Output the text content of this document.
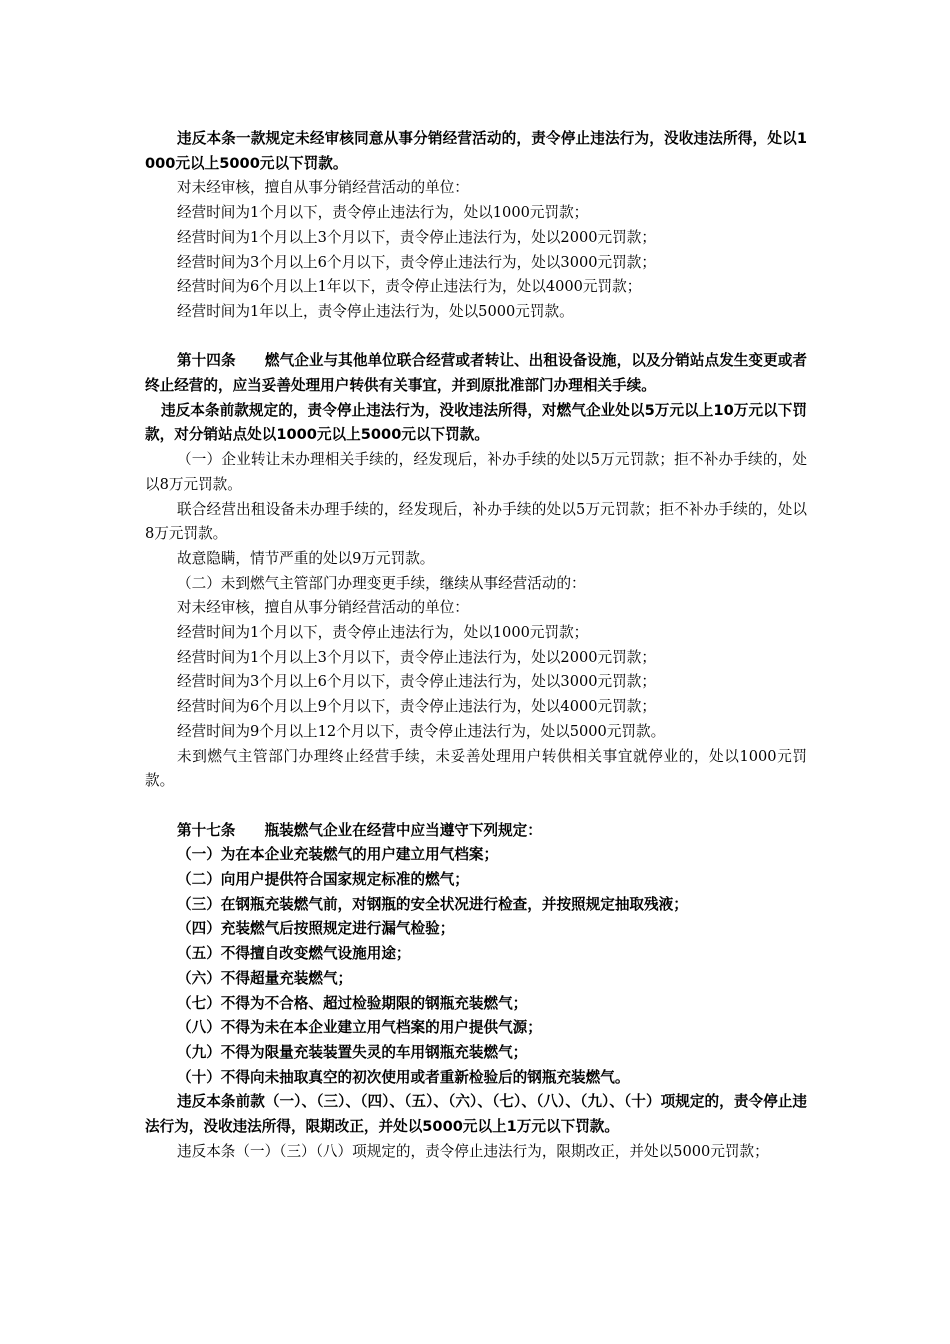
违反本条一款规定未经审核同意从事分销经营活动的，责令停止违法行为，没收违法所得，处以1000元以上5000元以下罚款。

对未经审核，擅自从事分销经营活动的单位：

经营时间为1个月以下，责令停止违法行为，处以1000元罚款；

经营时间为1个月以上3个月以下，责令停止违法行为，处以2000元罚款；

经营时间为3个月以上6个月以下，责令停止违法行为，处以3000元罚款；

经营时间为6个月以上1年以下，责令停止违法行为，处以4000元罚款；

经营时间为1年以上，责令停止违法行为，处以5000元罚款。

第十四条　　燃气企业与其他单位联合经营或者转让、出租设备设施，以及分销站点发生变更或者终止经营的，应当妥善处理用户转供有关事宜，并到原批准部门办理相关手续。

违反本条前款规定的，责令停止违法行为，没收违法所得，对燃气企业处以5万元以上10万元以下罚款，对分销站点处以1000元以上5000元以下罚款。

（一）企业转让未办理相关手续的，经发现后，补办手续的处以5万元罚款；拒不补办手续的，处以8万元罚款。

联合经营出租设备未办理手续的，经发现后，补办手续的处以5万元罚款；拒不补办手续的，处以8万元罚款。

故意隐瞒，情节严重的处以9万元罚款。

（二）未到燃气主管部门办理变更手续，继续从事经营活动的：

对未经审核，擅自从事分销经营活动的单位：

经营时间为1个月以下，责令停止违法行为，处以1000元罚款；

经营时间为1个月以上3个月以下，责令停止违法行为，处以2000元罚款；

经营时间为3个月以上6个月以下，责令停止违法行为，处以3000元罚款；

经营时间为6个月以上9个月以下，责令停止违法行为，处以4000元罚款；

经营时间为9个月以上12个月以下，责令停止违法行为，处以5000元罚款。

未到燃气主管部门办理终止经营手续，未妥善处理用户转供相关事宜就停业的，处以1000元罚款。

第十七条　　瓶装燃气企业在经营中应当遵守下列规定：

（一）为在本企业充装燃气的用户建立用气档案；

（二）向用户提供符合国家规定标准的燃气；

（三）在钢瓶充装燃气前，对钢瓶的安全状况进行检查，并按照规定抽取残液；

（四）充装燃气后按照规定进行漏气检验；

（五）不得擅自改变燃气设施用途；

（六）不得超量充装燃气；

（七）不得为不合格、超过检验期限的钢瓶充装燃气；

（八）不得为未在本企业建立用气档案的用户提供气源；

（九）不得为限量充装装置失灵的车用钢瓶充装燃气；

（十）不得向未抽取真空的初次使用或者重新检验后的钢瓶充装燃气。

违反本条前款（一）、（三）、（四）、（五）、（六）、（七）、（八）、（九）、（十）项规定的，责令停止违法行为，没收违法所得，限期改正，并处以5000元以上1万元以下罚款。

违反本条（一）（三）（八）项规定的，责令停止违法行为，限期改正，并处以5000元罚款；
